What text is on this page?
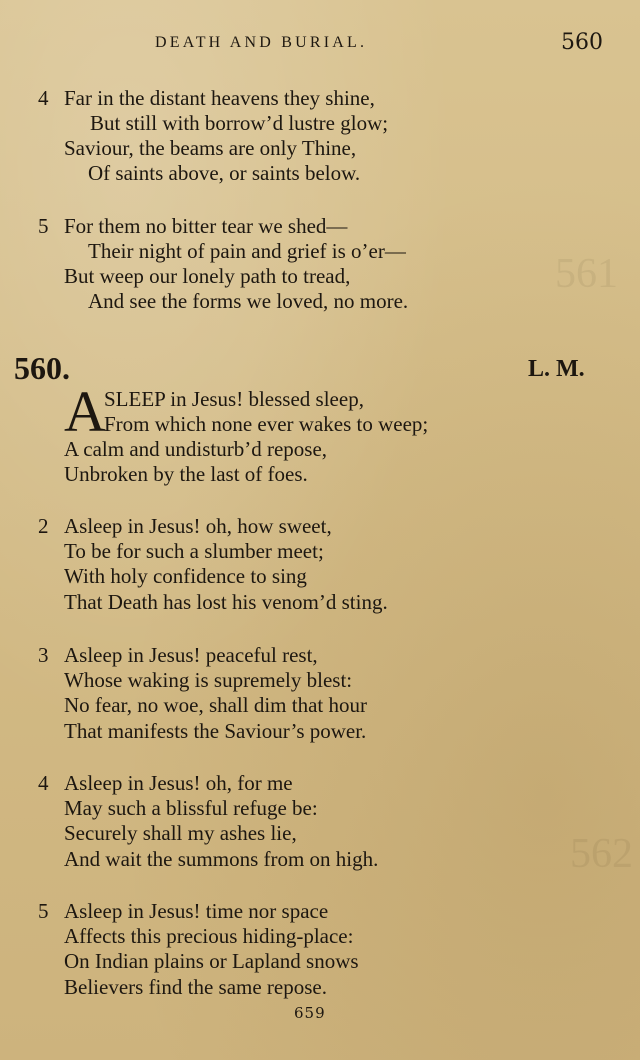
561
562
DEATH AND BURIAL.	560
4 Far in the distant heavens they shine,
But still with borrow’d lustre glow;
Saviour, the beams are only Thine,
Of saints above, or saints below.
5 For them no bitter tear we shed—
Their night of pain and grief is o’er—
But weep our lonely path to tread,
And see the forms we loved, no more.
560.	L. M.
A
SLEEP in Jesus! blessed sleep,
From which none ever wakes to weep;
A calm and undisturb’d repose,
Unbroken by the last of foes.
2 Asleep in Jesus! oh, how sweet,
To be for such a slumber meet;
With holy confidence to sing
That Death has lost his venom’d sting.
3 Asleep in Jesus! peaceful rest,
Whose waking is supremely blest:
No fear, no woe, shall dim that hour
That manifests the Saviour’s power.
4 Asleep in Jesus! oh, for me
May such a blissful refuge be:
Securely shall my ashes lie,
And wait the summons from on high.
5 Asleep in Jesus! time nor space
Affects this precious hiding-place:
On Indian plains or Lapland snows
Believers find the same repose.
659
